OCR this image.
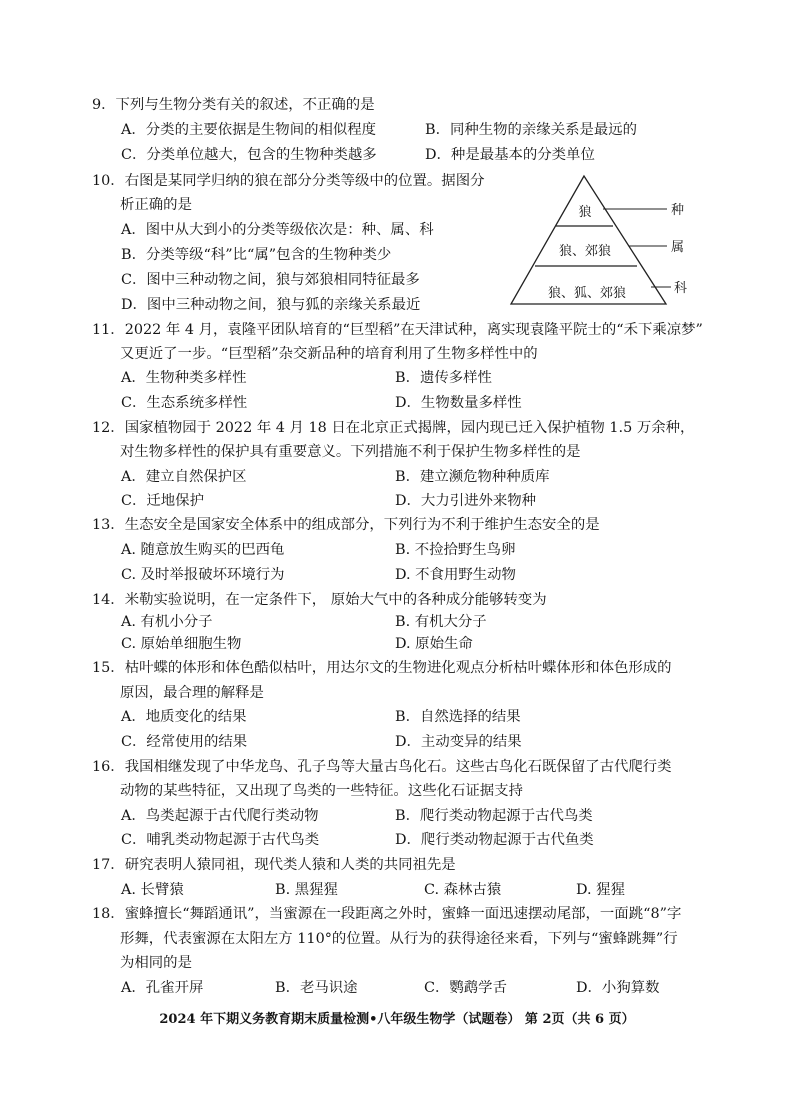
9．下列与生物分类有关的叙述，不正确的是
A．分类的主要依据是生物间的相似程度	B．同种生物的亲缘关系是最远的
C．分类单位越大，包含的生物种类越多	D．种是最基本的分类单位
10．右图是某同学归纳的狼在部分分类等级中的位置。据图分
析正确的是
A．图中从大到小的分类等级依次是：种、属、科
B．分类等级“科”比“属”包含的生物种类少
C．图中三种动物之间，狼与郊狼相同特征最多
D．图中三种动物之间，狼与狐的亲缘关系最近
狼
狼、郊狼
狼、狐、郊狼
种
属
科
11．2022 年 4 月，袁隆平团队培育的“巨型稻”在天津试种，离实现袁隆平院士的“禾下乘凉梦”
又更近了一步。“巨型稻”杂交新品种的培育利用了生物多样性中的
A．生物种类多样性	B．遗传多样性
C．生态系统多样性	D．生物数量多样性
12．国家植物园于 2022 年 4 月 18 日在北京正式揭牌，园内现已迁入保护植物 1.5 万余种，
对生物多样性的保护具有重要意义。下列措施不利于保护生物多样性的是
A．建立自然保护区	B．建立濒危物种种质库
C．迁地保护	D．大力引进外来物种
13．生态安全是国家安全体系中的组成部分，下列行为不利于维护生态安全的是
A. 随意放生购买的巴西龟	B. 不捡拾野生鸟卵
C. 及时举报破坏环境行为	D. 不食用野生动物
14．米勒实验说明，在一定条件下， 原始大气中的各种成分能够转变为
A. 有机小分子	B. 有机大分子
C. 原始单细胞生物	D. 原始生命
15．枯叶蝶的体形和体色酷似枯叶，用达尔文的生物进化观点分析枯叶蝶体形和体色形成的
原因，最合理的解释是
A．地质变化的结果	B．自然选择的结果
C．经常使用的结果	D．主动变异的结果
16．我国相继发现了中华龙鸟、孔子鸟等大量古鸟化石。这些古鸟化石既保留了古代爬行类
动物的某些特征，又出现了鸟类的一些特征。这些化石证据支持
A．鸟类起源于古代爬行类动物	B．爬行类动物起源于古代鸟类
C．哺乳类动物起源于古代鸟类	D．爬行类动物起源于古代鱼类
17．研究表明人猿同祖，现代类人猿和人类的共同祖先是
A. 长臂猿	B. 黑猩猩	C. 森林古猿	D. 猩猩
18．蜜蜂擅长“舞蹈通讯”，当蜜源在一段距离之外时，蜜蜂一面迅速摆动尾部，一面跳“8”字
形舞，代表蜜源在太阳左方 110°的位置。从行为的获得途径来看，下列与“蜜蜂跳舞”行
为相同的是
A．孔雀开屏	B．老马识途	C．鹦鹉学舌	D．小狗算数
2024 年下期义务教育期末质量检测•八年级生物学（试题卷） 第 2页（共 6 页）
